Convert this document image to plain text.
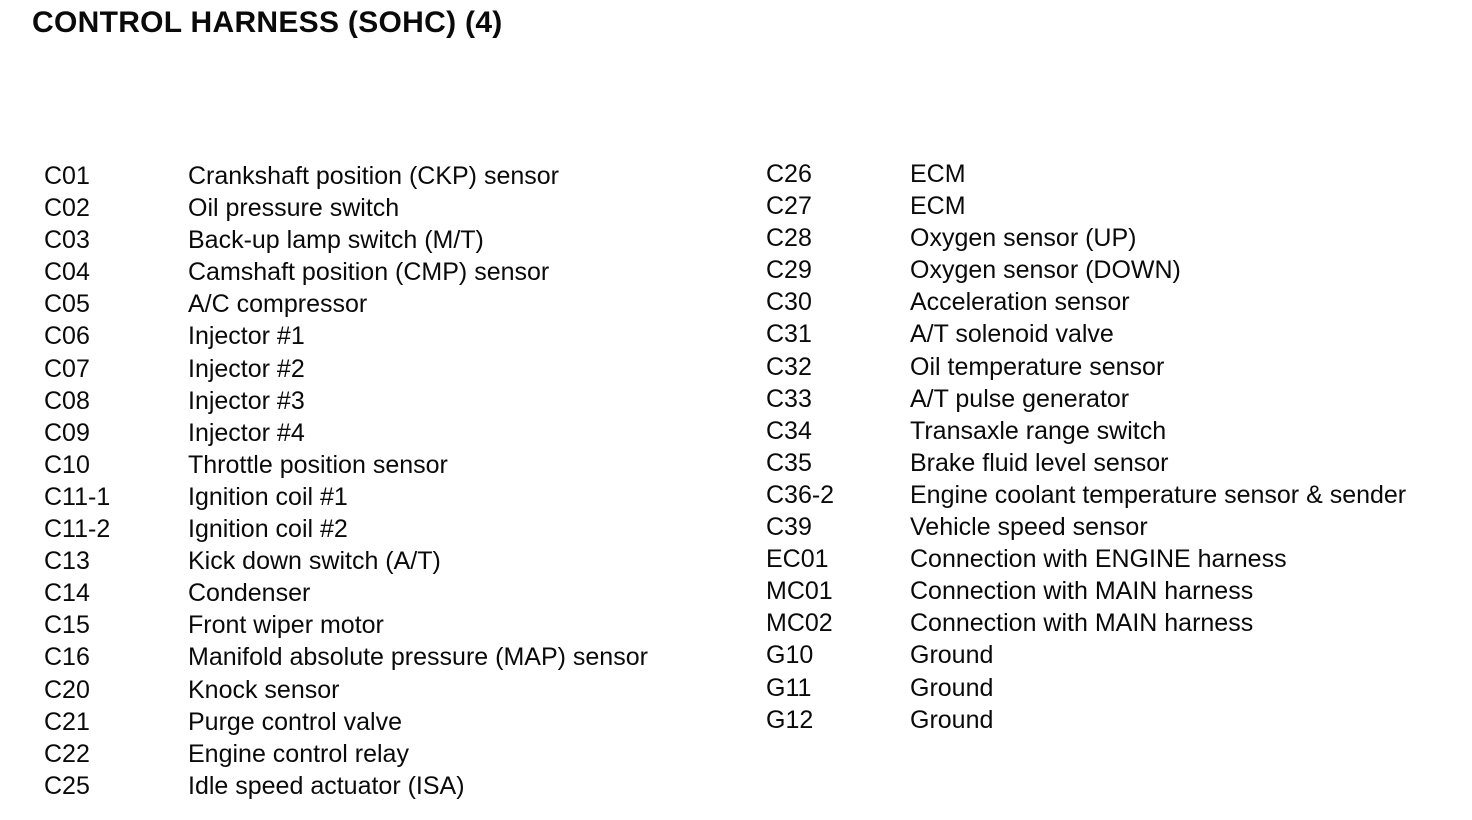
CONTROL HARNESS (SOHC) (4)
C01	Crankshaft position (CKP) sensor
C02	Oil pressure switch
C03	Back-up lamp switch (M/T)
C04	Camshaft position (CMP) sensor
C05	A/C compressor
C06	Injector #1
C07	Injector #2
C08	Injector #3
C09	Injector #4
C10	Throttle position sensor
C11-1	Ignition coil #1
C11-2	Ignition coil #2
C13	Kick down switch (A/T)
C14	Condenser
C15	Front wiper motor
C16	Manifold absolute pressure (MAP) sensor
C20	Knock sensor
C21	Purge control valve
C22	Engine control relay
C25	Idle speed actuator (ISA)
C26	ECM
C27	ECM
C28	Oxygen sensor (UP)
C29	Oxygen sensor (DOWN)
C30	Acceleration sensor
C31	A/T solenoid valve
C32	Oil temperature sensor
C33	A/T pulse generator
C34	Transaxle range switch
C35	Brake fluid level sensor
C36-2	Engine coolant temperature sensor & sender
C39	Vehicle speed sensor
EC01	Connection with ENGINE harness
MC01	Connection with MAIN harness
MC02	Connection with MAIN harness
G10	Ground
G11	Ground
G12	Ground
